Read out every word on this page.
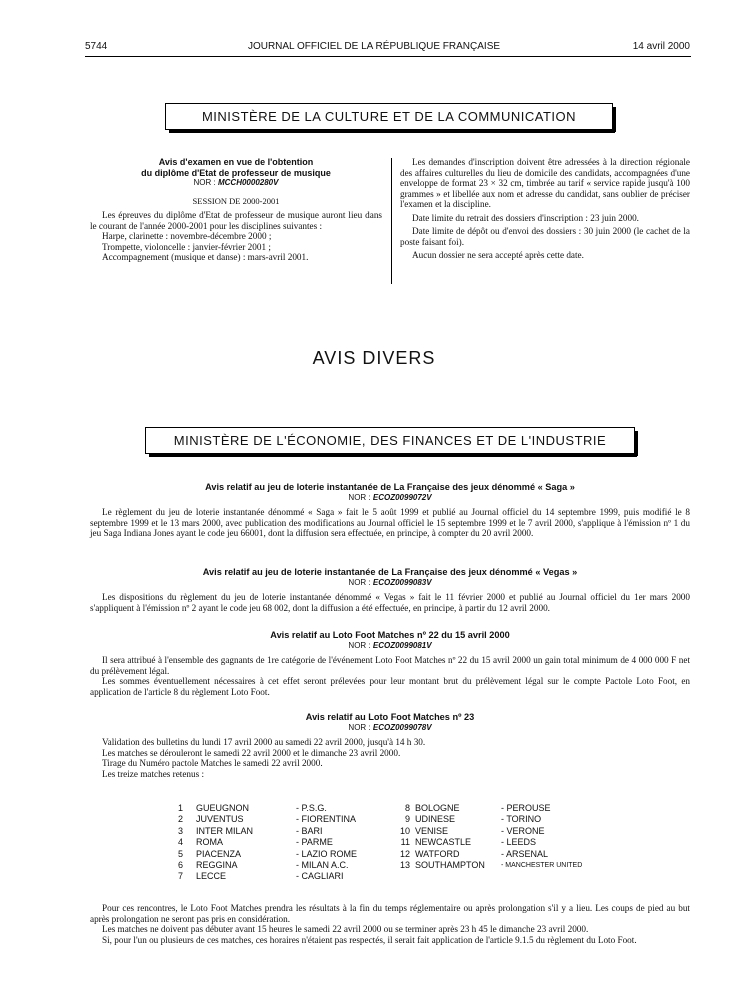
5744	JOURNAL OFFICIEL DE LA RÉPUBLIQUE FRANÇAISE	14 avril 2000
MINISTÈRE DE LA CULTURE ET DE LA COMMUNICATION
Avis d'examen en vue de l'obtention
du diplôme d'Etat de professeur de musique
NOR : MCCH0000280V
SESSION DE 2000-2001

Les épreuves du diplôme d'Etat de professeur de musique auront lieu dans le courant de l'année 2000-2001 pour les disciplines suivantes :

Harpe, clarinette : novembre-décembre 2000 ;

Trompette, violoncelle : janvier-février 2001 ;

Accompagnement (musique et danse) : mars-avril 2001.

Les demandes d'inscription doivent être adressées à la direction régionale des affaires culturelles du lieu de domicile des candidats, accompagnées d'une enveloppe de format 23 × 32 cm, timbrée au tarif « service rapide jusqu'à 100 grammes » et libellée aux nom et adresse du candidat, sans oublier de préciser l'examen et la discipline.

Date limite du retrait des dossiers d'inscription : 23 juin 2000.

Date limite de dépôt ou d'envoi des dossiers : 30 juin 2000 (le cachet de la poste faisant foi).

Aucun dossier ne sera accepté après cette date.

AVIS DIVERS
MINISTÈRE DE L'ÉCONOMIE, DES FINANCES ET DE L'INDUSTRIE
Avis relatif au jeu de loterie instantanée de La Française des jeux dénommé « Saga »
NOR : ECOZ0099072V

Le règlement du jeu de loterie instantanée dénommé « Saga » fait le 5 août 1999 et publié au Journal officiel du 14 septembre 1999, puis modifié le 8 septembre 1999 et le 13 mars 2000, avec publication des modifications au Journal officiel le 15 septembre 1999 et le 7 avril 2000, s'applique à l'émission nº 1 du jeu Saga Indiana Jones ayant le code jeu 66001, dont la diffusion sera effectuée, en principe, à compter du 20 avril 2000.

Avis relatif au jeu de loterie instantanée de La Française des jeux dénommé « Vegas »
NOR : ECOZ0099083V

Les dispositions du règlement du jeu de loterie instantanée dénommé « Vegas » fait le 11 février 2000 et publié au Journal officiel du 1er mars 2000 s'appliquent à l'émission nº 2 ayant le code jeu 68 002, dont la diffusion a été effectuée, en principe, à partir du 12 avril 2000.

Avis relatif au Loto Foot Matches nº 22 du 15 avril 2000
NOR : ECOZ0099081V

Il sera attribué à l'ensemble des gagnants de 1re catégorie de l'événement Loto Foot Matches nº 22 du 15 avril 2000 un gain total minimum de 4 000 000 F net du prélèvement légal.

Les sommes éventuellement nécessaires à cet effet seront prélevées pour leur montant brut du prélèvement légal sur le compte Pactole Loto Foot, en application de l'article 8 du règlement Loto Foot.

Avis relatif au Loto Foot Matches nº 23
NOR : ECOZ0099078V

Validation des bulletins du lundi 17 avril 2000 au samedi 22 avril 2000, jusqu'à 14 h 30.

Les matches se dérouleront le samedi 22 avril 2000 et le dimanche 23 avril 2000.

Tirage du Numéro pactole Matches le samedi 22 avril 2000.

Les treize matches retenus :

1	GUEUGNON	- P.S.G.	8 BOLOGNE	- PEROUSE
2	JUVENTUS	- FIORENTINA	9 UDINESE	- TORINO
3	INTER MILAN	- BARI	10 VENISE	- VERONE
4	ROMA	- PARME	11 NEWCASTLE	- LEEDS
5	PIACENZA	- LAZIO ROME	12 WATFORD	- ARSENAL
6	REGGINA	- MILAN A.C.	13 SOUTHAMPTON	- MANCHESTER UNITED
7	LECCE	- CAGLIARI

Pour ces rencontres, le Loto Foot Matches prendra les résultats à la fin du temps réglementaire ou après prolongation s'il y a lieu. Les coups de pied au but après prolongation ne seront pas pris en considération.

Les matches ne doivent pas débuter avant 15 heures le samedi 22 avril 2000 ou se terminer après 23 h 45 le dimanche 23 avril 2000.

Si, pour l'un ou plusieurs de ces matches, ces horaires n'étaient pas respectés, il serait fait application de l'article 9.1.5 du règlement du Loto Foot.
